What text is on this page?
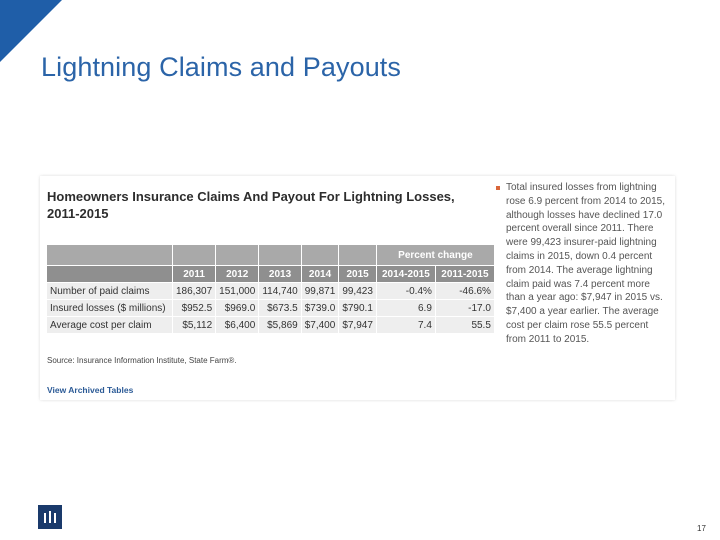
Lightning Claims and Payouts
Homeowners Insurance Claims And Payout For Lightning Losses, 2011-2015
						Percent change	
	2011	2012	2013	2014	2015	2014-2015	2011-2015
Number of paid claims	186,307	151,000	114,740	99,871	99,423	-0.4%	-46.6%
Insured losses ($ millions)	$952.5	$969.0	$673.5	$739.0	$790.1	6.9	-17.0
Average cost per claim	$5,112	$6,400	$5,869	$7,400	$7,947	7.4	55.5
Source: Insurance Information Institute, State Farm®.
View Archived Tables
Total insured losses from lightning rose 6.9 percent from 2014 to 2015, although losses have declined 17.0 percent overall since 2011. There were 99,423 insurer-paid lightning claims in 2015, down 0.4 percent from 2014. The average lightning claim paid was 7.4 percent more than a year ago: $7,947 in 2015 vs. $7,400 a year earlier. The average cost per claim rose 55.5 percent from 2011 to 2015.
17
